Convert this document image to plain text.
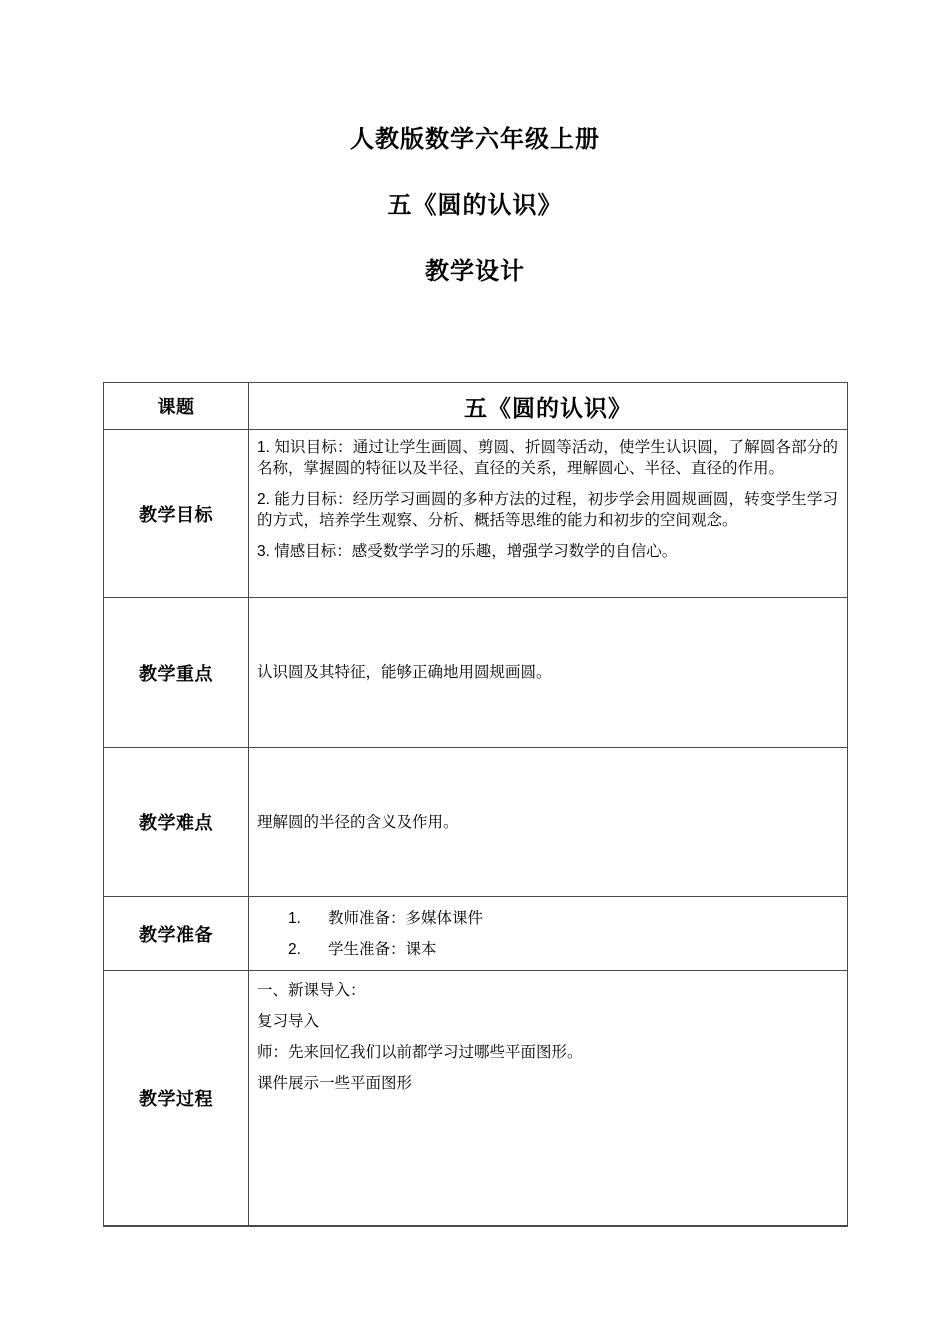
人教版数学六年级上册
五《圆的认识》
教学设计
课题	五《圆的认识》
教学目标	1. 知识目标：通过让学生画圆、剪圆、折圆等活动，使学生认识圆，了解圆各部分的名称，掌握圆的特征以及半径、直径的关系，理解圆心、半径、直径的作用。

2. 能力目标：经历学习画圆的多种方法的过程，初步学会用圆规画圆，转变学生学习的方式，培养学生观察、分析、概括等思维的能力和初步的空间观念。

3. 情感目标：感受数学学习的乐趣，增强学习数学的自信心。

教学重点	认识圆及其特征，能够正确地用圆规画圆。

教学难点	理解圆的半径的含义及作用。

教学准备	1. 教师准备：多媒体课件
2. 学生准备：课本

教学过程	一、新课导入：

复习导入

师：先来回忆我们以前都学习过哪些平面图形。

课件展示一些平面图形
